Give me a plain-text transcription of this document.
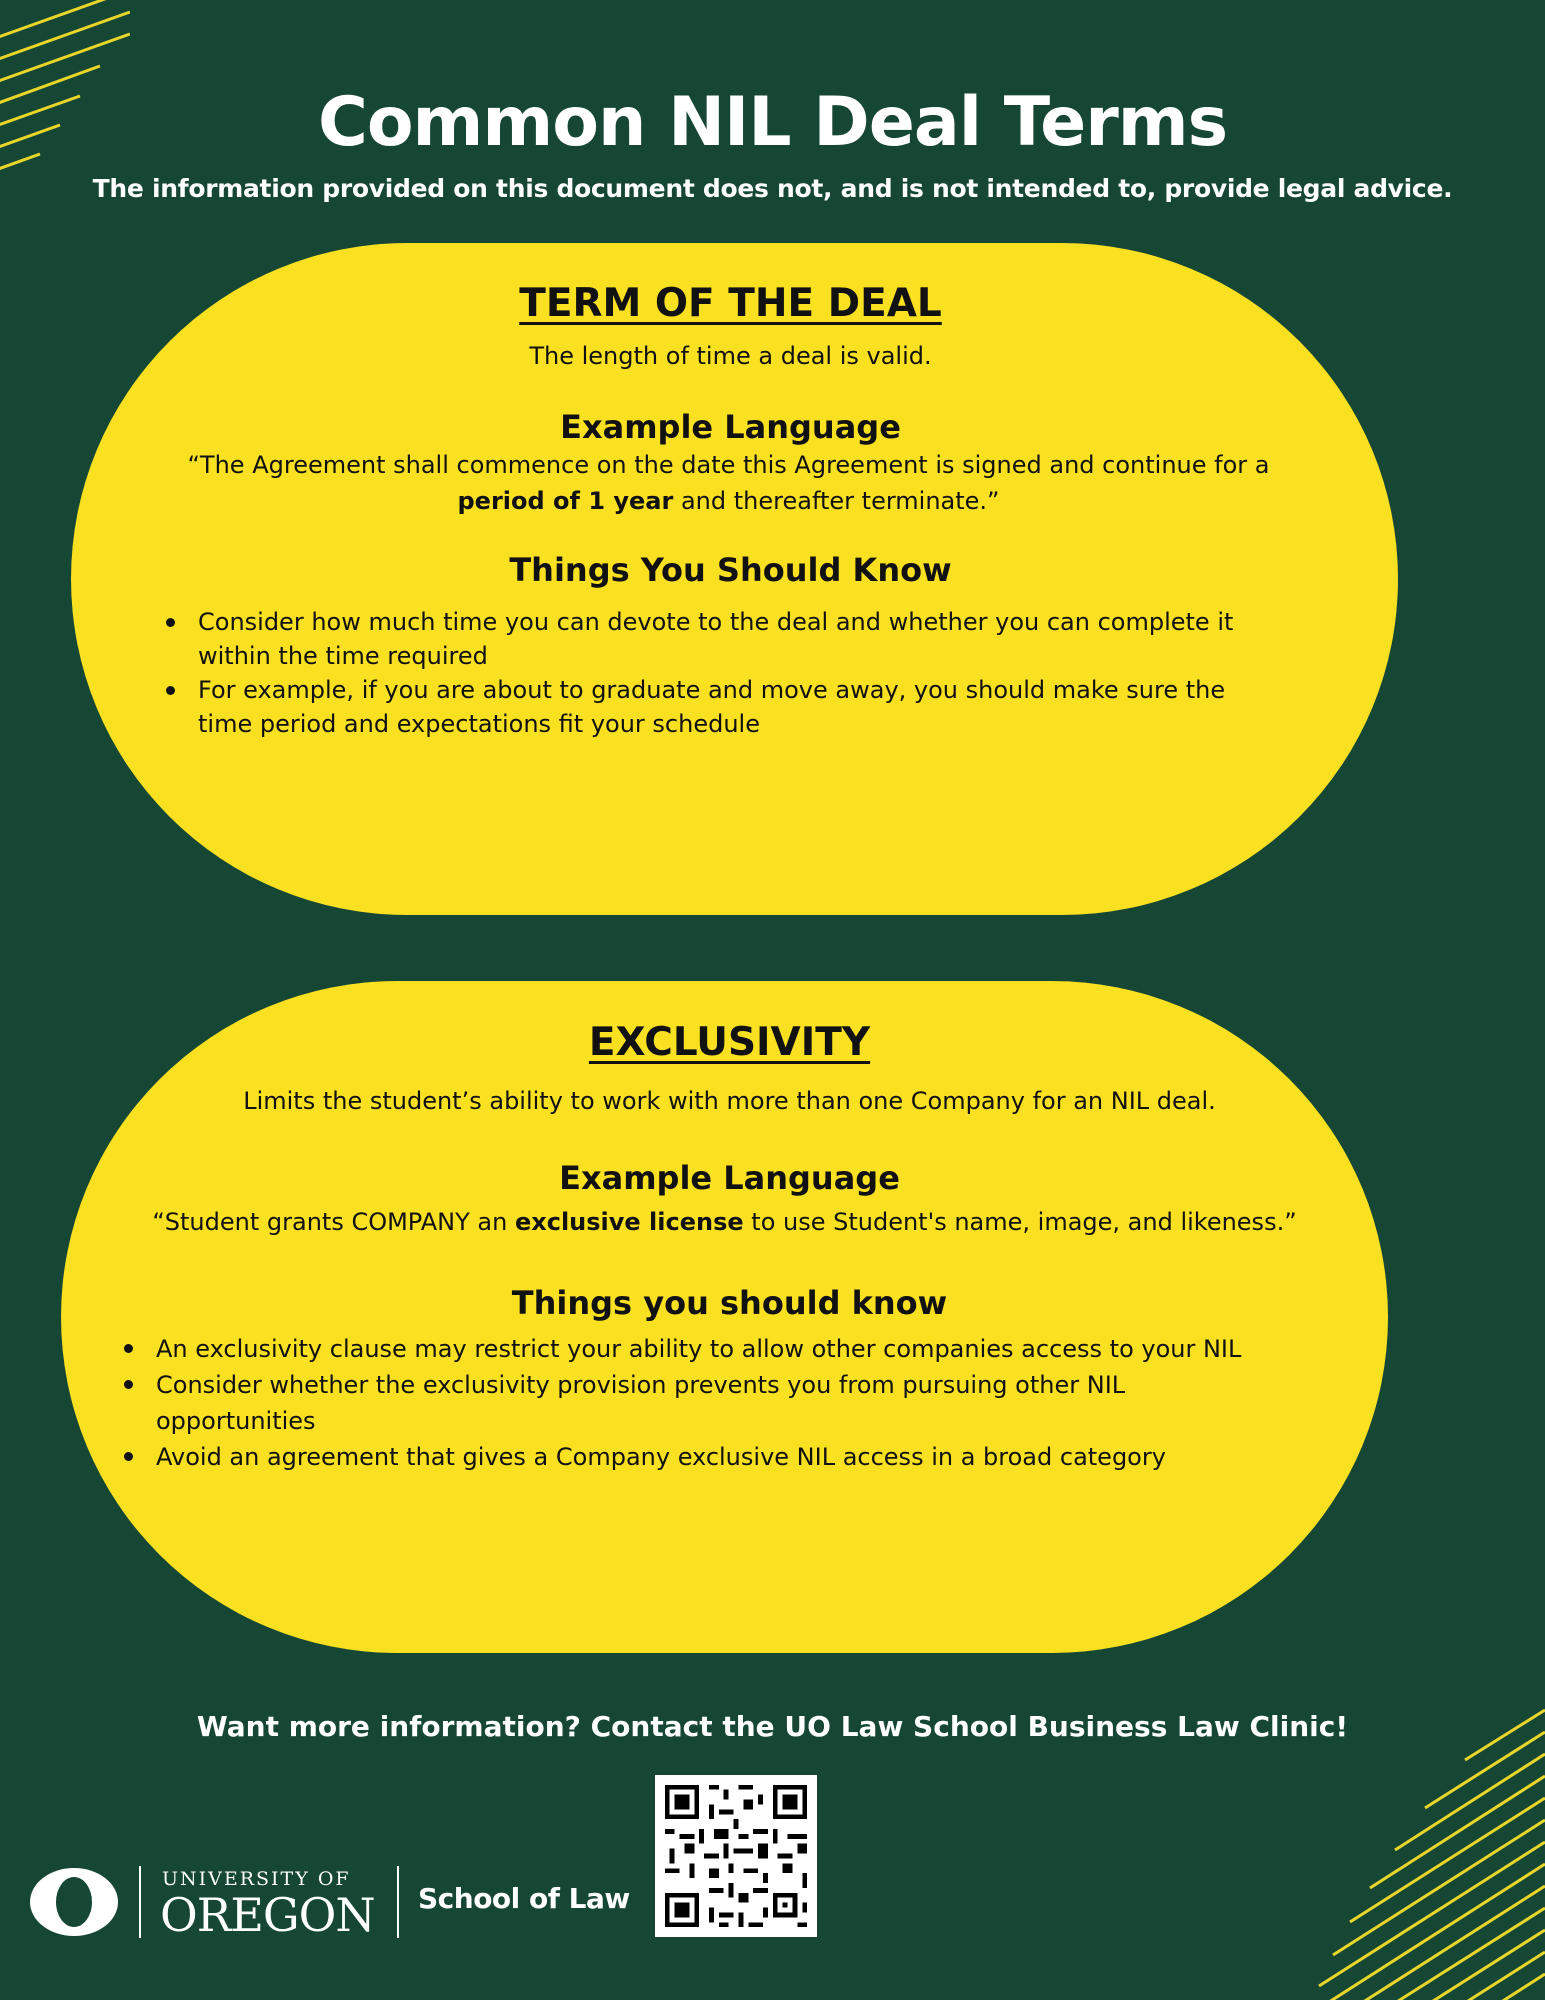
Common NIL Deal Terms
The information provided on this document does not, and is not intended to, provide legal advice.
TERM OF THE DEAL
The length of time a deal is valid.
Example Language
“The Agreement shall commence on the date this Agreement is signed and continue for a period of 1 year and thereafter terminate.”
Things You Should Know
Consider how much time you can devote to the deal and whether you can complete it within the time required
For example, if you are about to graduate and move away, you should make sure the time period and expectations fit your schedule
EXCLUSIVITY
Limits the student’s ability to work with more than one Company for an NIL deal.
Example Language
“Student grants COMPANY an exclusive license to use Student's name, image, and likeness.”
Things you should know
An exclusivity clause may restrict your ability to allow other companies access to your NIL
Consider whether the exclusivity provision prevents you from pursuing other NIL opportunities
Avoid an agreement that gives a Company exclusive NIL access in a broad category
Want more information? Contact the UO Law School Business Law Clinic!
UNIVERSITY OF
OREGON School of Law
